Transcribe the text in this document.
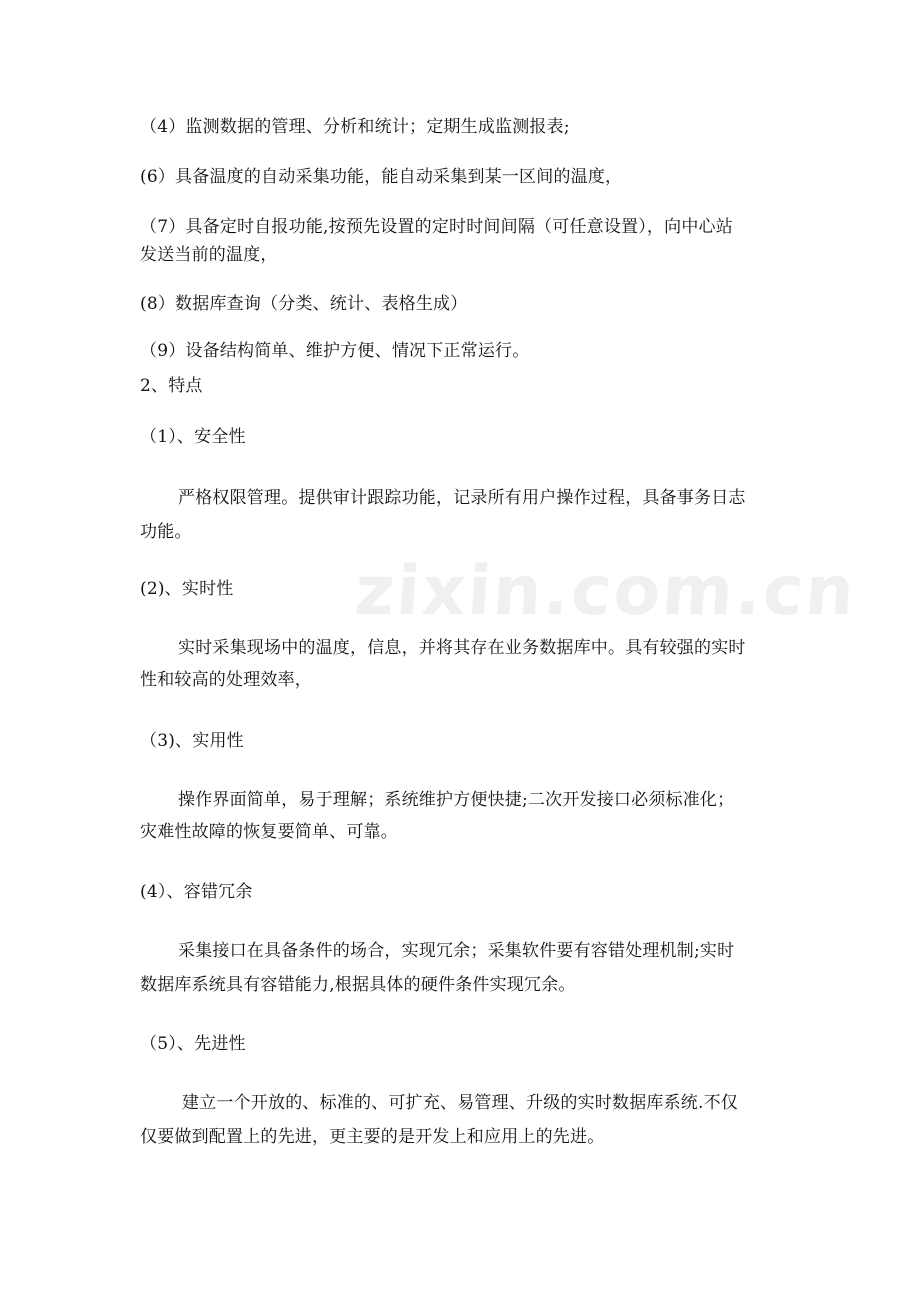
zixin.com.cn
（4）监测数据的管理、分析和统计；定期生成监测报表;
(6）具备温度的自动采集功能，能自动采集到某一区间的温度，
（7）具备定时自报功能,按预先设置的定时时间间隔（可任意设置），向中心站
发送当前的温度，
(8）数据库查询（分类、统计、表格生成）
（9）设备结构简单、维护方便、情况下正常运行。
2、特点
（1）、安全性
严格权限管理。提供审计跟踪功能，记录所有用户操作过程，具备事务日志
功能。
(2)、实时性
实时采集现场中的温度，信息，并将其存在业务数据库中。具有较强的实时
性和较高的处理效率，
（3)、实用性
操作界面简单，易于理解；系统维护方便快捷;二次开发接口必须标准化；
灾难性故障的恢复要简单、可靠。
(4）、容错冗余
采集接口在具备条件的场合，实现冗余；采集软件要有容错处理机制;实时
数据库系统具有容错能力,根据具体的硬件条件实现冗余。
（5）、先进性
建立一个开放的、标准的、可扩充、易管理、升级的实时数据库系统.不仅
仅要做到配置上的先进，更主要的是开发上和应用上的先进。
